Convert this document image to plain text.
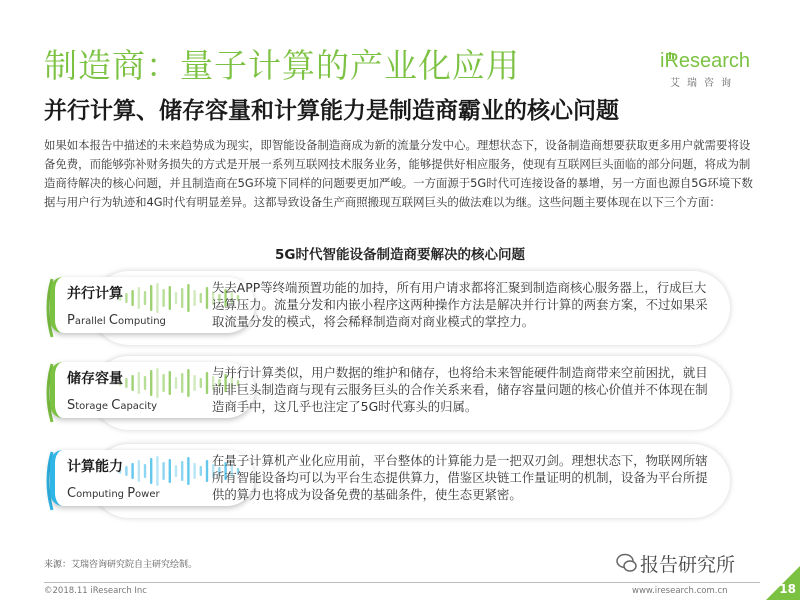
制造商：量子计算的产业化应用
并行计算、储存容量和计算能力是制造商霸业的核心问题
iResearch
艾瑞咨询
如果如本报告中描述的未来趋势成为现实，即智能设备制造商成为新的流量分发中心。理想状态下，设备制造商想要获取更多用户就需要将设备免费，而能够弥补财务损失的方式是开展一系列互联网技术服务业务，能够提供好相应服务，使现有互联网巨头面临的部分问题，将成为制造商待解决的核心问题，并且制造商在5G环境下同样的问题要更加严峻。一方面源于5G时代可连接设备的暴增，另一方面也源自5G环境下数据与用户行为轨迹和4G时代有明显差异。这都导致设备生产商照搬现互联网巨头的做法难以为继。这些问题主要体现在以下三个方面：
5G时代智能设备制造商要解决的核心问题
并行计算
Parallel Computing
失去APP等终端预置功能的加持，所有用户请求都将汇聚到制造商核心服务器上，行成巨大运算压力。流量分发和内嵌小程序这两种操作方法是解决并行计算的两套方案，不过如果采取流量分发的模式，将会稀释制造商对商业模式的掌控力。
储存容量
Storage Capacity
与并行计算类似，用户数据的维护和储存，也将给未来智能硬件制造商带来空前困扰，就目前非巨头制造商与现有云服务巨头的合作关系来看，储存容量问题的核心价值并不体现在制造商手中，这几乎也注定了5G时代寡头的归属。
计算能力
Computing Power
在量子计算机产业化应用前，平台整体的计算能力是一把双刃剑。理想状态下，物联网所辖所有智能设备均可以为平台生态提供算力，借鉴区块链工作量证明的机制，设备为平台所提供的算力也将成为设备免费的基础条件，使生态更紧密。
来源：艾瑞咨询研究院自主研究绘制。	报告研究所
©2018.11 iResearch Inc	www.iresearch.com.cn	18
